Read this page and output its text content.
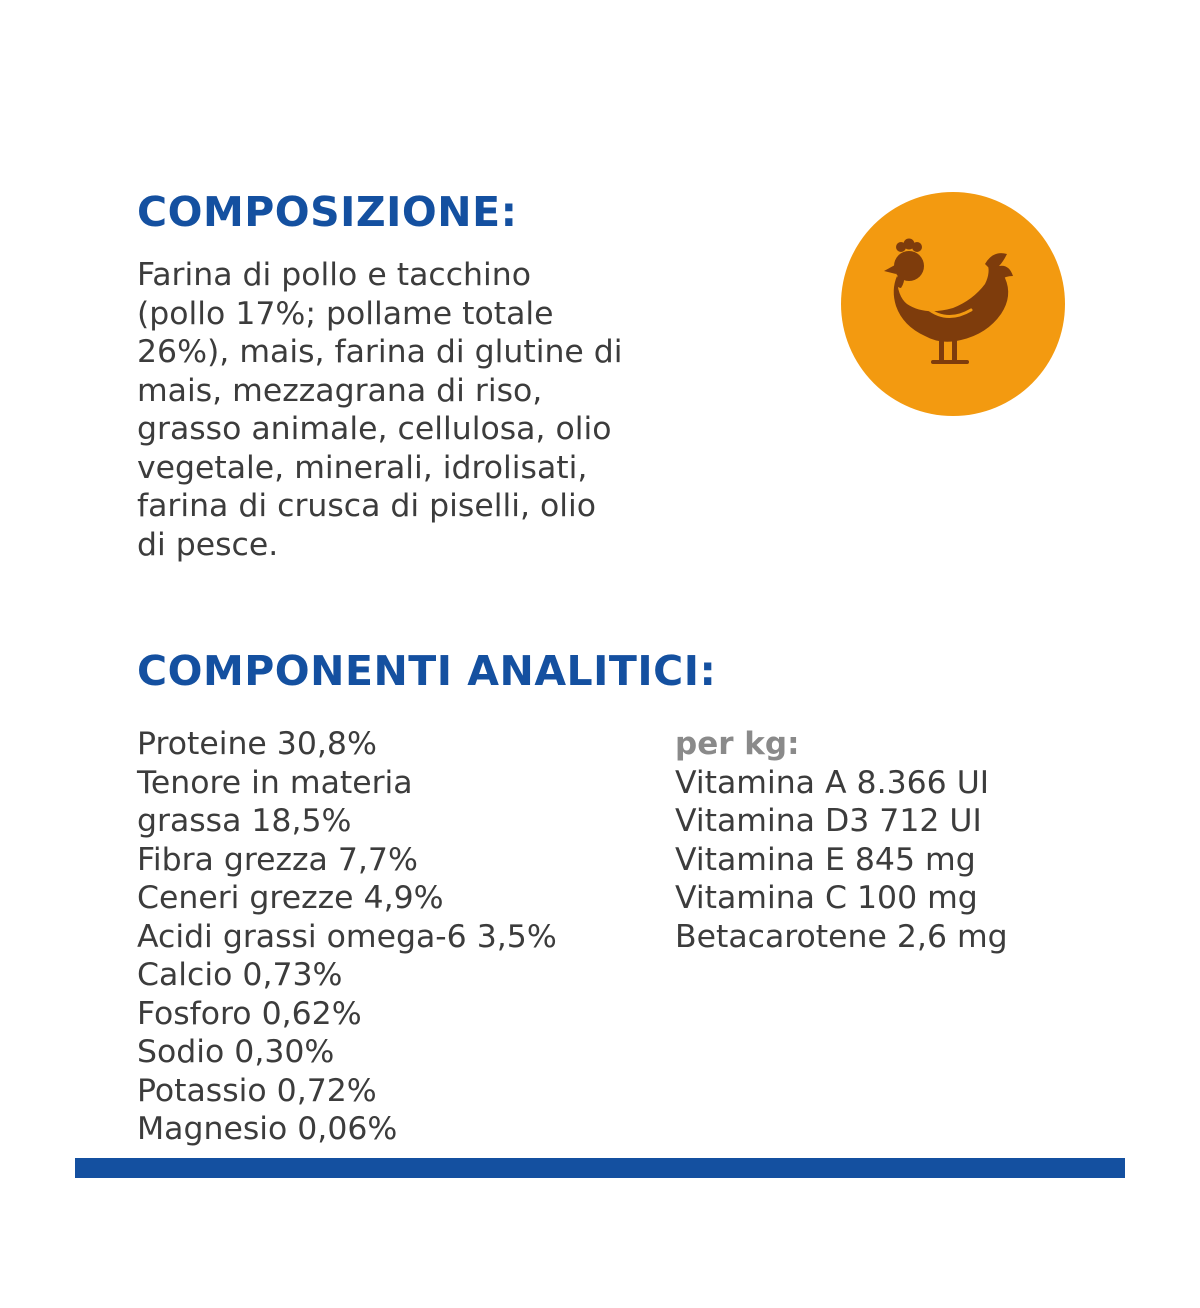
COMPOSIZIONE:

Farina di pollo e tacchino
(pollo 17%; pollame totale
26%), mais, farina di glutine di
mais, mezzagrana di riso,
grasso animale, cellulosa, olio
vegetale, minerali, idrolisati,
farina di crusca di piselli, olio
di pesce.

COMPONENTI ANALITICI:
Proteine 30,8%
Tenore in materia
grassa 18,5%
Fibra grezza 7,7%
Ceneri grezze 4,9%
Acidi grassi omega-6 3,5%
Calcio 0,73%
Fosforo 0,62%
Sodio 0,30%
Potassio 0,72%
Magnesio 0,06%
per kg:
Vitamina A 8.366 UI
Vitamina D3 712 UI
Vitamina E 845 mg
Vitamina C 100 mg
Betacarotene 2,6 mg
